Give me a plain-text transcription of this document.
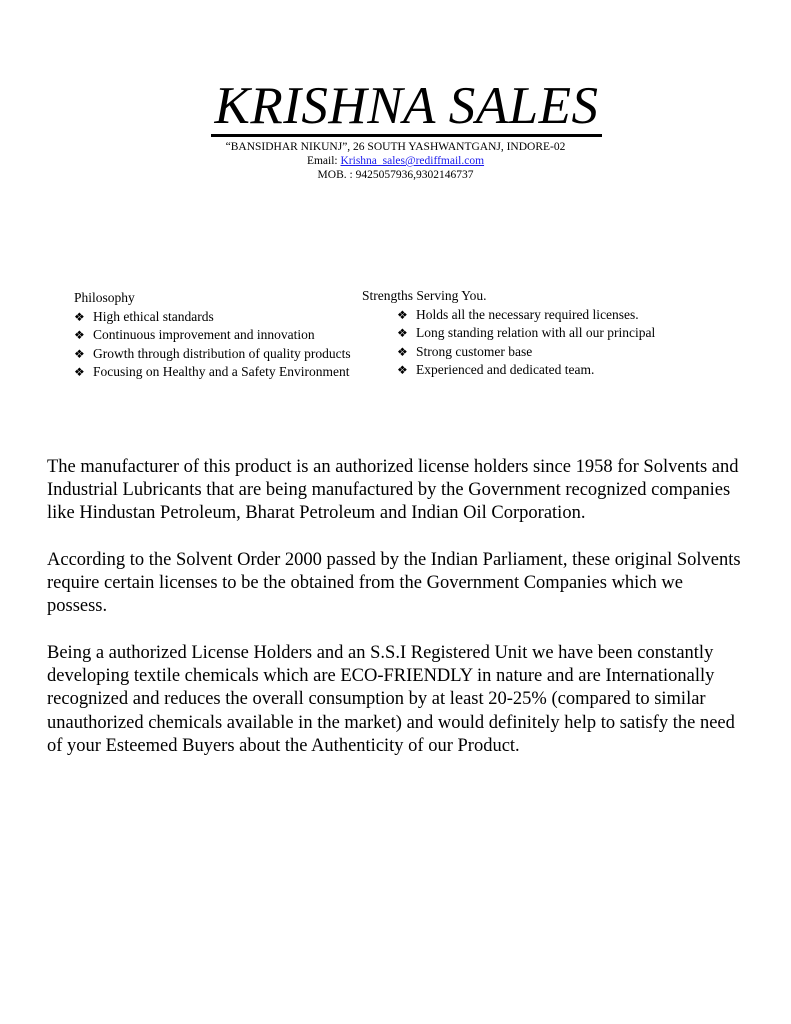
KRISHNA SALES
“BANSIDHAR NIKUNJ”, 26 SOUTH YASHWANTGANJ, INDORE-02
Email: Krishna_sales@rediffmail.com
MOB. : 9425057936,9302146737
Philosophy
❖ High ethical standards
❖ Continuous improvement and innovation
❖ Growth through distribution of quality products
❖ Focusing on Healthy and a Safety Environment
Strengths Serving You.
❖ Holds all the necessary required licenses.
❖ Long standing relation with all our principal
❖ Strong customer base
❖ Experienced and dedicated team.

The manufacturer of this product is an authorized license holders since 1958 for Solvents and Industrial Lubricants that are being manufactured by the Government recognized companies like Hindustan Petroleum, Bharat Petroleum and Indian Oil Corporation.

According to the Solvent Order 2000 passed by the Indian Parliament, these original Solvents require certain licenses to be the obtained from the Government Companies which we possess.

Being a authorized License Holders and an S.S.I Registered Unit we have been constantly developing textile chemicals which are ECO-FRIENDLY in nature and are Internationally recognized and reduces the overall consumption by at least 20-25% (compared to similar unauthorized chemicals available in the market) and would definitely help to satisfy the need of your Esteemed Buyers about the Authenticity of our Product.
